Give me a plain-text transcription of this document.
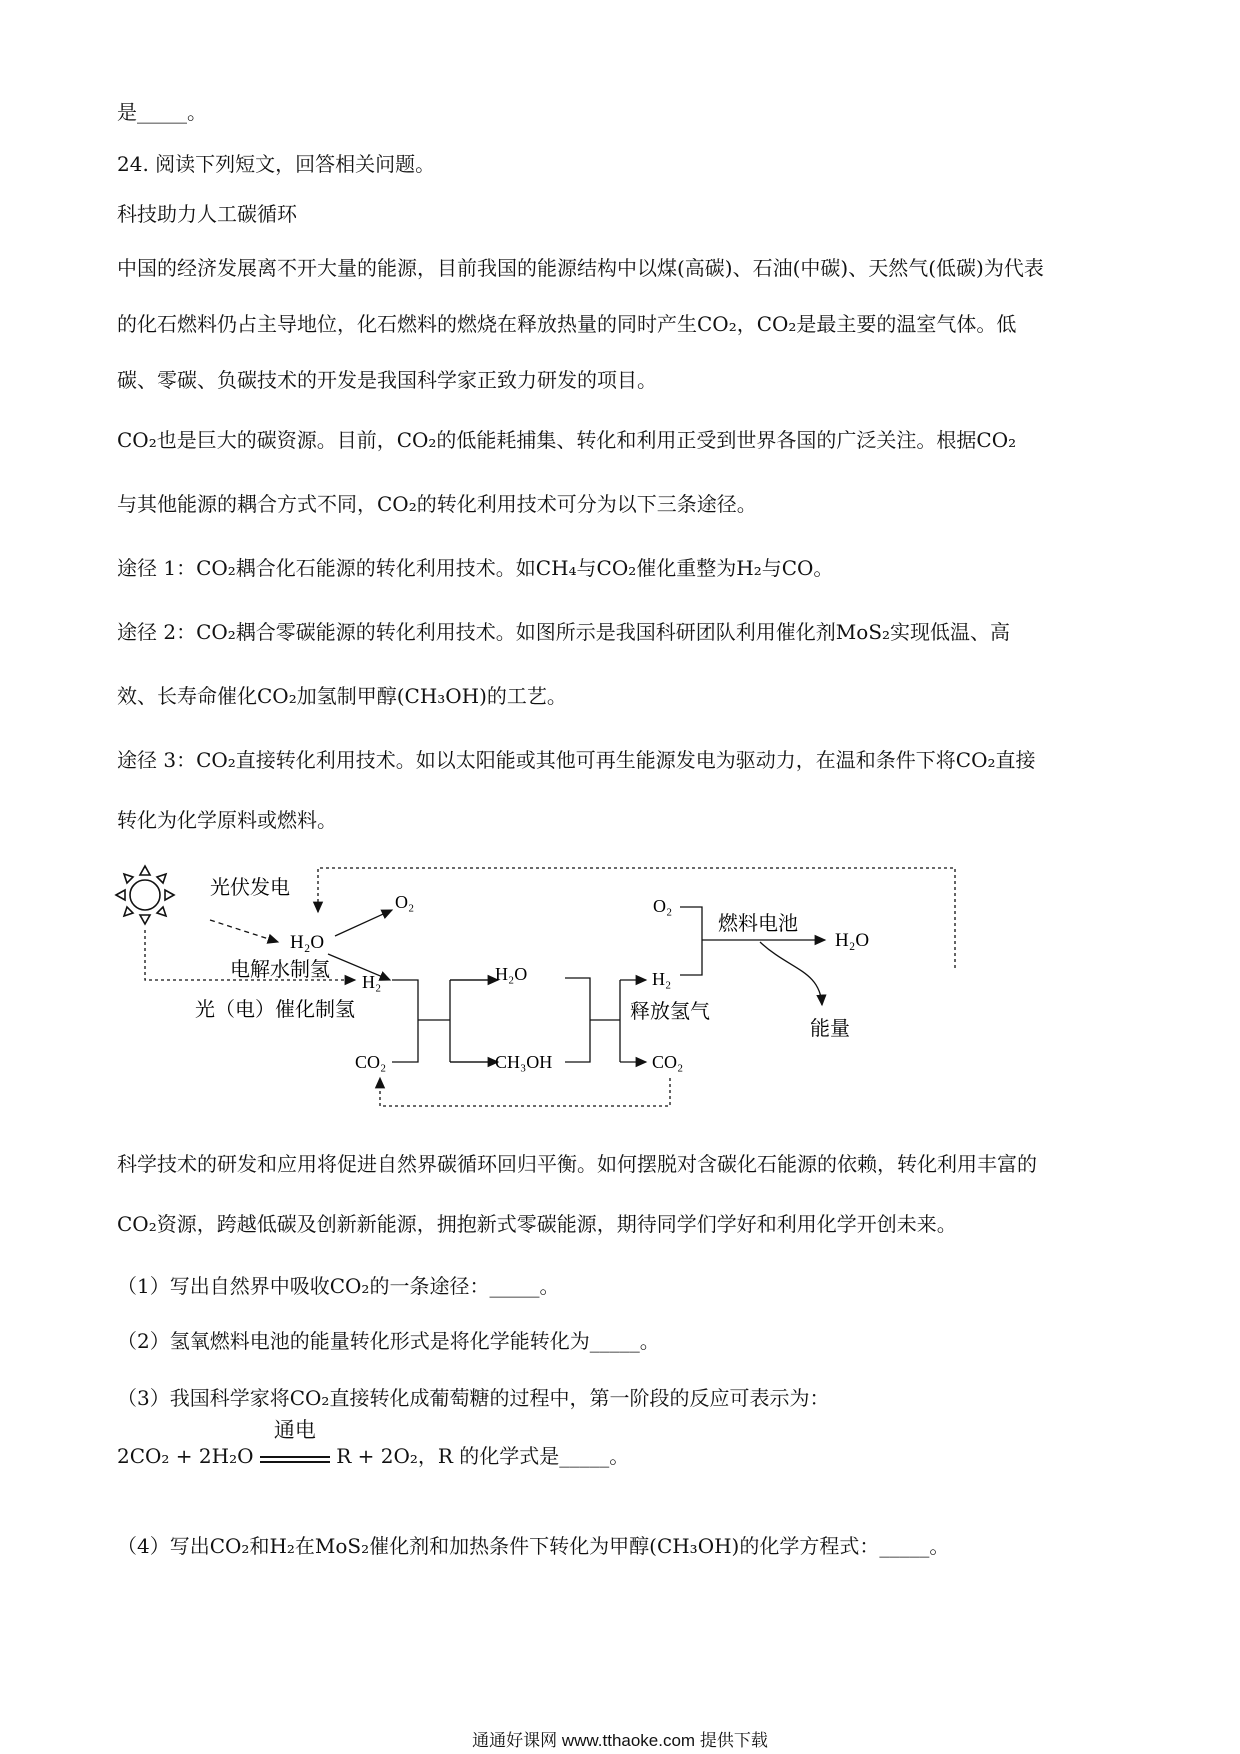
是_____。
24. 阅读下列短文，回答相关问题。
科技助力人工碳循环
中国的经济发展离不开大量的能源，目前我国的能源结构中以煤(高碳)、石油(中碳)、天然气(低碳)为代表
的化石燃料仍占主导地位，化石燃料的燃烧在释放热量的同时产生CO₂，CO₂是最主要的温室气体。低
碳、零碳、负碳技术的开发是我国科学家正致力研发的项目。
CO₂也是巨大的碳资源。目前，CO₂的低能耗捕集、转化和利用正受到世界各国的广泛关注。根据CO₂
与其他能源的耦合方式不同，CO₂的转化利用技术可分为以下三条途径。
途径 1：CO₂耦合化石能源的转化利用技术。如CH₄与CO₂催化重整为H₂与CO。
途径 2：CO₂耦合零碳能源的转化利用技术。如图所示是我国科研团队利用催化剂MoS₂实现低温、高
效、长寿命催化CO₂加氢制甲醇(CH₃OH)的工艺。
途径 3：CO₂直接转化利用技术。如以太阳能或其他可再生能源发电为驱动力，在温和条件下将CO₂直接
转化为化学原料或燃料。
光伏发电
H₂O
O₂
电解水制氢
光（电）催化制氢
H₂
CO₂
H₂O
CH₃OH
H₂
CO₂
释放氢气
O₂
燃料电池
H₂O
能量
科学技术的研发和应用将促进自然界碳循环回归平衡。如何摆脱对含碳化石能源的依赖，转化利用丰富的
CO₂资源，跨越低碳及创新新能源，拥抱新式零碳能源，期待同学们学好和利用化学开创未来。
（1）写出自然界中吸收CO₂的一条途径：_____。
（2）氢氧燃料电池的能量转化形式是将化学能转化为_____。
（3）我国科学家将CO₂直接转化成葡萄糖的过程中，第一阶段的反应可表示为：
2CO₂ + 2H₂O
通电
R + 2O₂，R 的化学式是_____。
（4）写出CO₂和H₂在MoS₂催化剂和加热条件下转化为甲醇(CH₃OH)的化学方程式：_____。
通通好课网 www.tthaoke.com 提供下载
